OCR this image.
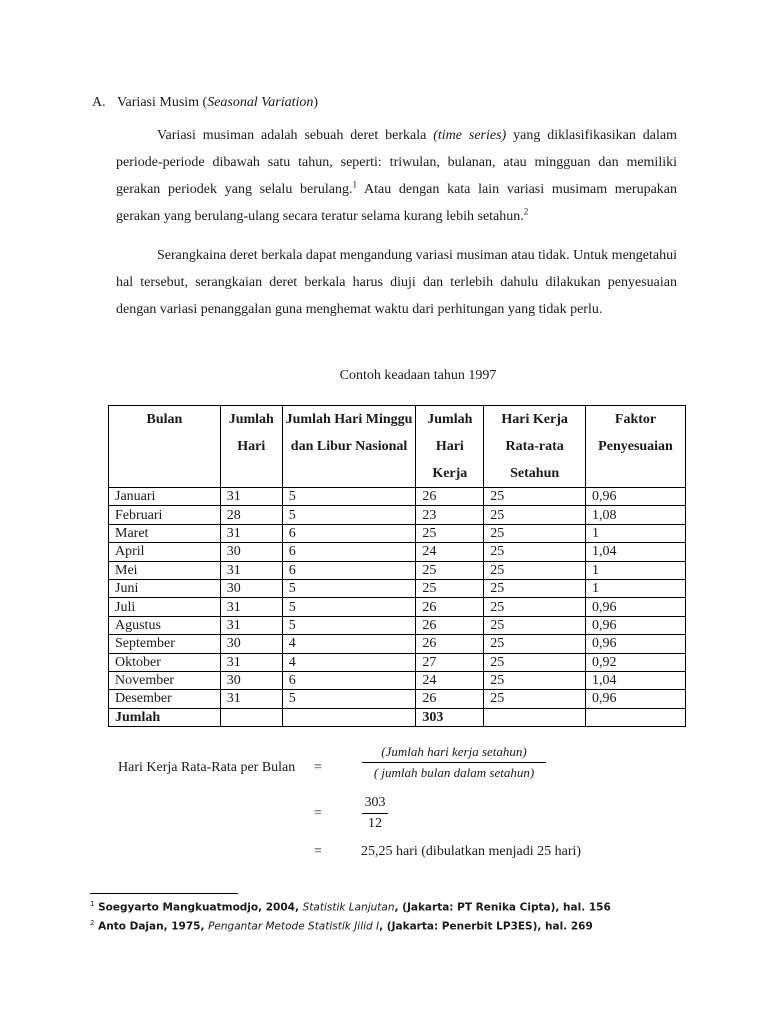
A. Variasi Musim (Seasonal Variation)

Variasi musiman adalah sebuah deret berkala (time series) yang diklasifikasikan dalam periode-periode dibawah satu tahun, seperti: triwulan, bulanan, atau mingguan dan memiliki gerakan periodek yang selalu berulang.$^1$ Atau dengan kata lain variasi musimam merupakan gerakan yang berulang-ulang secara teratur selama kurang lebih setahun.$^2$

Serangkaina deret berkala dapat mengandung variasi musiman atau tidak. Untuk mengetahui hal tersebut, serangkaian deret berkala harus diuji dan terlebih dahulu dilakukan penyesuaian dengan variasi penanggalan guna menghemat waktu dari perhitungan yang tidak perlu.

Contoh keadaan tahun 1997
Bulan	Jumlah Hari	Jumlah Hari Minggu dan Libur Nasional	Jumlah Hari Kerja	Hari Kerja Rata-rata Setahun	Faktor Penyesuaian
Januari	31	5	26	25	0,96
Februari	28	5	23	25	1,08
Maret	31	6	25	25	1
April	30	6	24	25	1,04
Mei	31	6	25	25	1
Juni	30	5	25	25	1
Juli	31	5	26	25	0,96
Agustus	31	5	26	25	0,96
September	30	4	26	25	0,96
Oktober	31	4	27	25	0,92
November	30	6	24	25	1,04
Desember	31	5	26	25	0,96
Jumlah			303		
Hari Kerja Rata-Rata per Bulan =
(Jumlah hari kerja setahun)
( jumlah bulan dalam setahun)
=	$\frac{303}{12}$
=	25,25 hari (dibulatkan menjadi 25 hari)
$^1$ Soegyarto Mangkuatmodjo, 2004, Statistik Lanjutan, (Jakarta: PT Renika Cipta), hal. 156
$^2$ Anto Dajan, 1975, Pengantar Metode Statistik Jilid I, (Jakarta: Penerbit LP3ES), hal. 269
